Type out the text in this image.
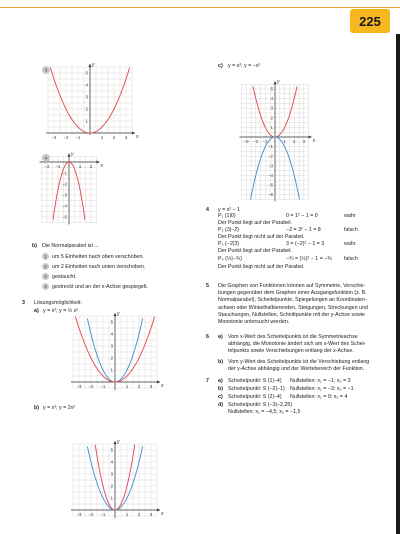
225
x
y
−3 −2 −1	1 2 3
1
2
3
4
5
3
x
y
−2 −1	1 2
−1
−2
−3
−4
−5
4
x
y
−3 −2 −1	1 2 3
5
4
3
2
1
−1
−2
−3
−4
−5
−6
x
y
−3 −2 −1	1 2 3
5
4
3
2
1
x
y
−3 −2 −1	1 2 3
5
4
3
2
1
b) Die Normalparabel ist ...
1 um 5 Einheiten nach oben verschoben.
2 um 2 Einheiten nach unten verschoben.
3 gestaucht.
4 gestreckt und an der x-Achse gespiegelt.
3 Lösungsmöglichkeit:
a) y = x²; y = ½ x²
b) y = x²; y = 2x²
c) y = x²; y = −x²
4 y = x² − 1
P₁ (1|0)	0 = 1² − 1 = 0	wahr
Der Punkt liegt auf der Parabel.
P₂ (3|−2)	−2 = 3² − 1 = 8	falsch
Der Punkt liegt nicht auf der Parabel.
P₃ (−2|3)	3 = (−2)² − 1 = 3	wahr
Der Punkt liegt auf der Parabel.
P₄ (½|−¾)	−¾ = (½)² − 1 = −¾ falsch
Der Punkt liegt nicht auf der Parabel.
5 Die Graphen von Funktionen können auf Symmetrie, Verschie-
bungen gegenüber dem Graphen einer Ausgangsfunktion (z. B.
Normalparabel), Scheitelpunkte, Spiegelungen an Koordinaten-
achsen oder Winkelhalbierenden, Steigungen, Streckungen und
Stauchungen, Nullstellen, Schnittpunkte mit der y-Achse sowie
Monotonie untersucht werden.
6 a) Vom x-Wert des Scheitelpunkts ist die Symmetrieachse
abhängig, die Monotonie ändert sich am x-Wert des Schei-
telpunkts sowie Verschiebungen entlang der x-Achse.
b) Vom y-Wert des Scheitelpunkts ist die Verschiebung entlang
der y-Achse abhängig und der Wertebereich der Funktion.
7 a) Scheitelpunkt: S (1|−4) Nullstellen: x₁ = −1; x₂ = 3
b) Scheitelpunkt: S (−2|−1) Nullstellen: x₁ = −3; x₂ = −1
c) Scheitelpunkt: S (2|−4) Nullstellen: x₁ = 0; x₂ = 4
d) Scheitelpunkt: S (−3|−2,25)
Nullstellen: x₁ = −4,5; x₂ = −1,5
